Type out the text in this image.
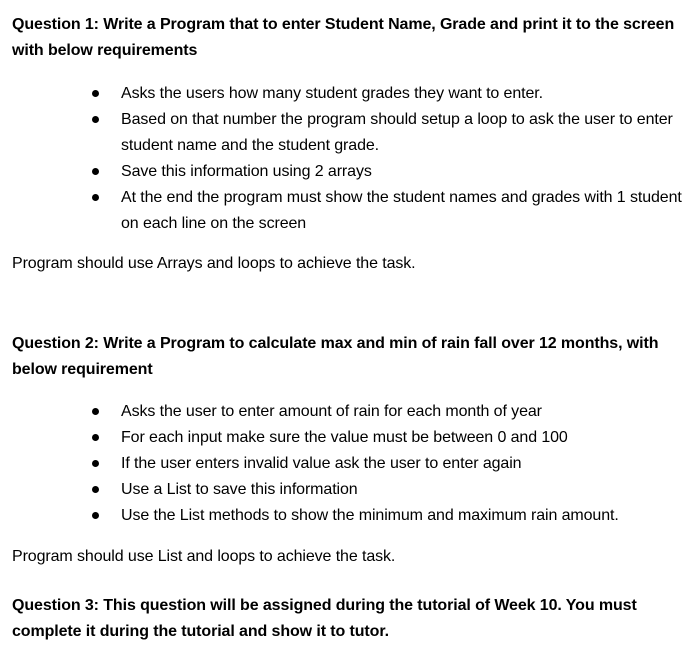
Question 1: Write a Program that to enter Student Name, Grade and print it to the screen with below requirements
Asks the users how many student grades they want to enter.
Based on that number the program should setup a loop to ask the user to enter student name and the student grade.
Save this information using 2 arrays
At the end the program must show the student names and grades with 1 student on each line on the screen
Program should use Arrays and loops to achieve the task.
Question 2: Write a Program to calculate max and min of rain fall over 12 months, with below requirement
Asks the user to enter amount of rain for each month of year
For each input make sure the value must be between 0 and 100
If the user enters invalid value ask the user to enter again
Use a List to save this information
Use the List methods to show the minimum and maximum rain amount.
Program should use List and loops to achieve the task.
Question 3: This question will be assigned during the tutorial of Week 10. You must complete it during the tutorial and show it to tutor.
